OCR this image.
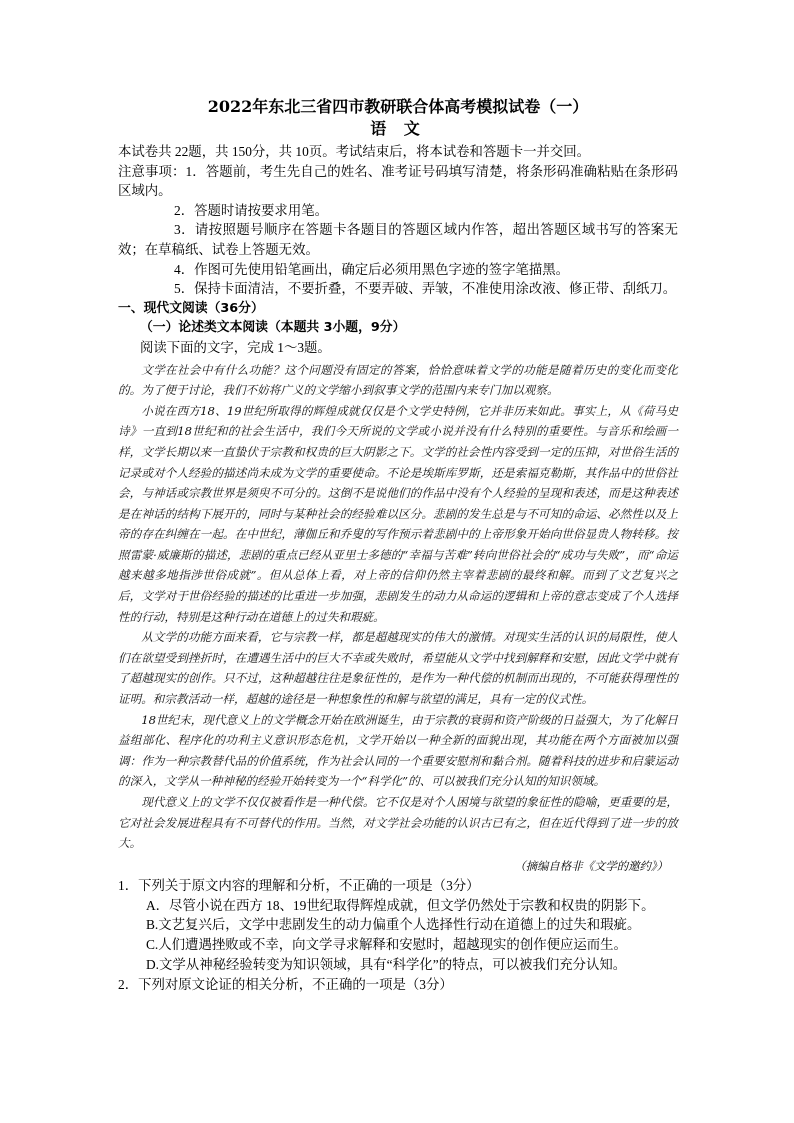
2022年东北三省四市教研联合体高考模拟试卷（一）

语 文

本试卷共 22题，共 150分，共 10页。考试结束后，将本试卷和答题卡一并交回。

注意事项：1．答题前，考生先自己的姓名、准考证号码填写清楚，将条形码准确粘贴在条形码区域内。

2．答题时请按要求用笔。

3．请按照题号顺序在答题卡各题目的答题区域内作答，超出答题区域书写的答案无效；在草稿纸、试卷上答题无效。

4．作图可先使用铅笔画出，确定后必须用黑色字迹的签字笔描黑。

5．保持卡面清洁，不要折叠，不要弄破、弄皱，不准使用涂改液、修正带、刮纸刀。

一、现代文阅读（36分）

（一）论述类文本阅读（本题共 3小题，9分）

阅读下面的文字，完成 1～3题。

文学在社会中有什么功能？这个问题没有固定的答案，恰恰意味着文学的功能是随着历史的变化而变化的。为了便于讨论，我们不妨将广义的文学缩小到叙事文学的范围内来专门加以观察。

小说在西方18、19世纪所取得的辉煌成就仅仅是个文学史特例，它并非历来如此。事实上，从《荷马史诗》一直到18世纪和的社会生活中，我们今天所说的文学或小说并没有什么特别的重要性。与音乐和绘画一样，文学长期以来一直蛰伏于宗教和权贵的巨大阴影之下。文学的社会性内容受到一定的压抑，对世俗生活的记录或对个人经验的描述尚未成为文学的重要使命。不论是埃斯库罗斯，还是索福克勒斯，其作品中的世俗社会，与神话或宗教世界是须臾不可分的。这倒不是说他们的作品中没有个人经验的呈现和表述，而是这种表述是在神话的结构下展开的，同时与某种社会的经验难以区分。悲剧的发生总是与不可知的命运、必然性以及上帝的存在纠缠在一起。在中世纪，薄伽丘和乔叟的写作预示着悲剧中的上帝形象开始向世俗显贵人物转移。按照雷蒙·威廉斯的描述，悲剧的重点已经从亚里士多德的“幸福与苦难”转向世俗社会的“成功与失败”，而“命运越来越多地指涉世俗成就”。但从总体上看，对上帝的信仰仍然主宰着悲剧的最终和解。而到了文艺复兴之后，文学对于世俗经验的描述的比重进一步加强，悲剧发生的动力从命运的逻辑和上帝的意志变成了个人选择性的行动，特别是这种行动在道德上的过失和瑕疵。

从文学的功能方面来看，它与宗教一样，都是超越现实的伟大的激情。对现实生活的认识的局限性，使人们在欲望受到挫折时，在遭遇生活中的巨大不幸或失败时，希望能从文学中找到解释和安慰，因此文学中就有了超越现实的创作。只不过，这种超越往往是象征性的，是作为一种代偿的机制而出现的，不可能获得理性的证明。和宗教活动一样，超越的途径是一种想象性的和解与欲望的满足，具有一定的仪式性。

18世纪末，现代意义上的文学概念开始在欧洲诞生，由于宗教的衰弱和资产阶级的日益强大，为了化解日益组部化、程序化的功利主义意识形态危机，文学开始以一种全新的面貌出现，其功能在两个方面被加以强调：作为一种宗教替代品的价值系统，作为社会认同的一个重要安慰剂和黏合剂。随着科技的进步和启蒙运动的深入，文学从一种神秘的经验开始转变为一个“科学化”的、可以被我们充分认知的知识领域。

现代意义上的文学不仅仅被看作是一种代偿。它不仅是对个人困境与欲望的象征性的隐喻，更重要的是，它对社会发展进程具有不可替代的作用。当然，对文学社会功能的认识古已有之，但在近代得到了进一步的放大。

（摘编自格非《文学的邀约》）

1．下列关于原文内容的理解和分析，不正确的一项是（3分）

A．尽管小说在西方 18、19世纪取得辉煌成就，但文学仍然处于宗教和权贵的阴影下。

B.文艺复兴后，文学中悲剧发生的动力偏重个人选择性行动在道德上的过失和瑕疵。

C.人们遭遇挫败或不幸，向文学寻求解释和安慰时，超越现实的创作便应运而生。

D.文学从神秘经验转变为知识领域，具有“科学化”的特点，可以被我们充分认知。

2．下列对原文论证的相关分析，不正确的一项是（3分）
